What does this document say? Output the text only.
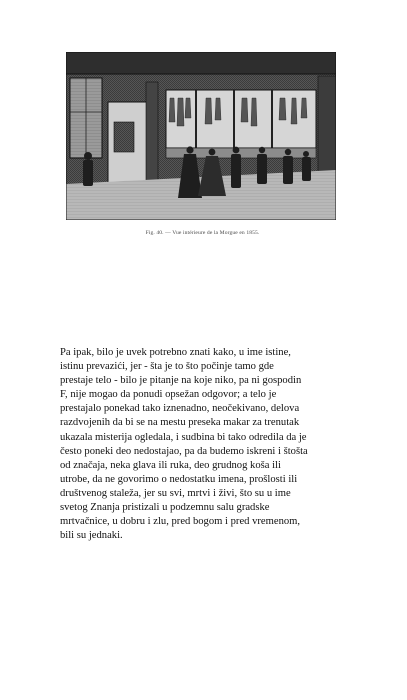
Fig. 40. — Vue intérieure de la Morgue en 1855.

Pa ipak, bilo je uvek potrebno znati kako, u ime istine,
istinu prevazići, jer - šta je to što počinje tamo gde
prestaje telo - bilo je pitanje na koje niko, pa ni gospodin
F, nije mogao da ponudi opsežan odgovor; a telo je
prestajalo ponekad tako iznenadno, neočekivano, delova
razdvojenih da bi se na mestu preseka makar za trenutak
ukazala misterija ogledala, i sudbina bi tako odredila da je
često poneki deo nedostajao, pa da budemo iskreni i štošta
od značaja, neka glava ili ruka, deo grudnog koša ili
utrobe, da ne govorimo o nedostatku imena, prošlosti ili
društvenog staleža, jer su svi, mrtvi i živi, što su u ime
svetog Znanja pristizali u podzemnu salu gradske
mrtvačnice, u dobru i zlu, pred bogom i pred vremenom,
bili su jednaki.
